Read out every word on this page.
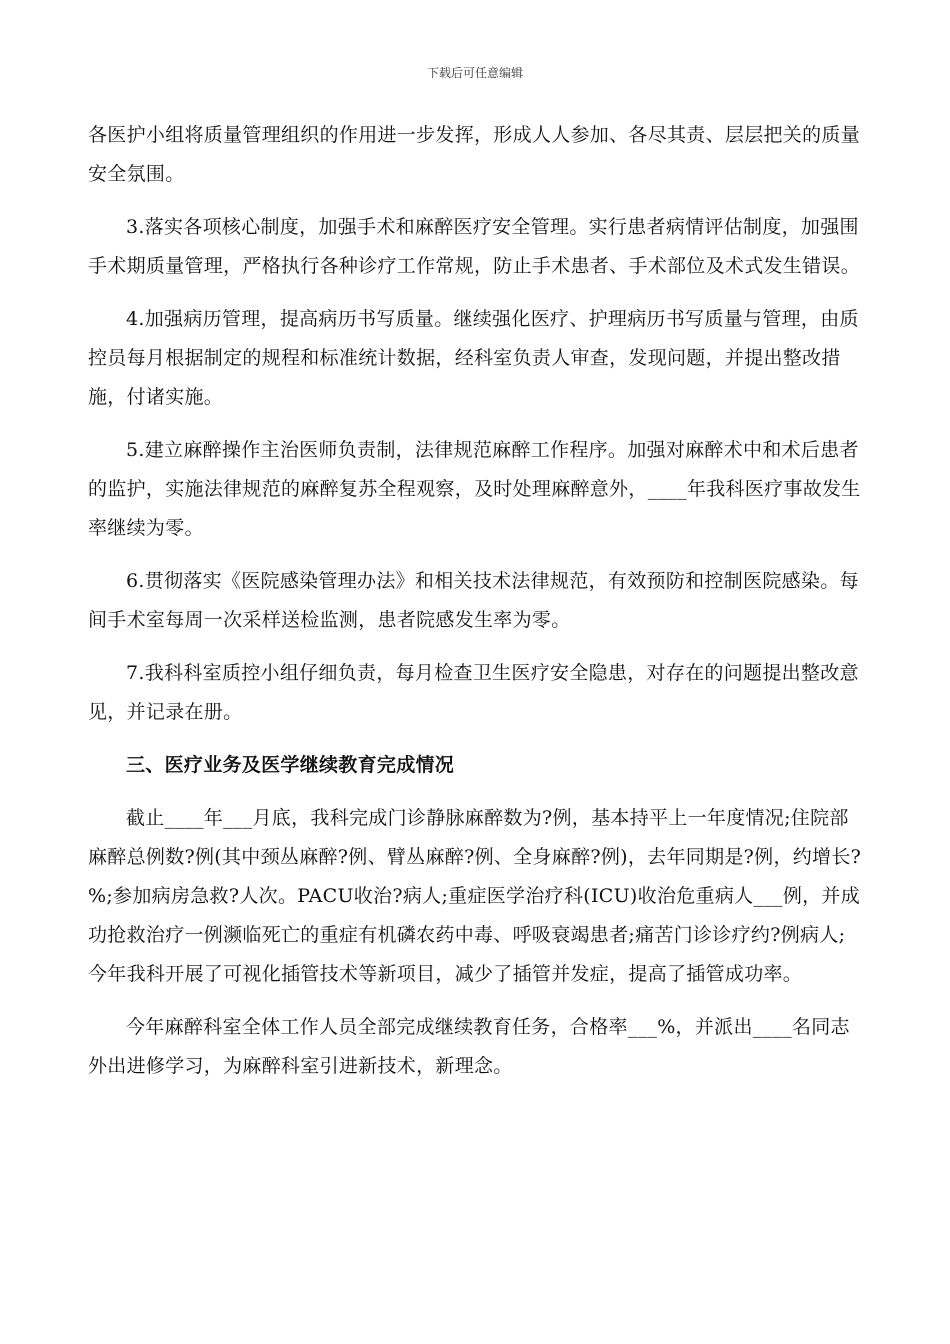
下载后可任意编辑

各医护小组将质量管理组织的作用进一步发挥，形成人人参加、各尽其责、层层把关的质量安全氛围。

3.落实各项核心制度，加强手术和麻醉医疗安全管理。实行患者病情评估制度，加强围手术期质量管理，严格执行各种诊疗工作常规，防止手术患者、手术部位及术式发生错误。

4.加强病历管理，提高病历书写质量。继续强化医疗、护理病历书写质量与管理，由质控员每月根据制定的规程和标准统计数据，经科室负责人审查，发现问题，并提出整改措施，付诸实施。

5.建立麻醉操作主治医师负责制，法律规范麻醉工作程序。加强对麻醉术中和术后患者的监护，实施法律规范的麻醉复苏全程观察，及时处理麻醉意外，____年我科医疗事故发生率继续为零。

6.贯彻落实《医院感染管理办法》和相关技术法律规范，有效预防和控制医院感染。每间手术室每周一次采样送检监测，患者院感发生率为零。

7.我科科室质控小组仔细负责，每月检查卫生医疗安全隐患，对存在的问题提出整改意见，并记录在册。

三、医疗业务及医学继续教育完成情况

截止____年___月底，我科完成门诊静脉麻醉数为?例，基本持平上一年度情况;住院部麻醉总例数?例(其中颈丛麻醉?例、臂丛麻醉?例、全身麻醉?例)，去年同期是?例，约增长?%;参加病房急救?人次。PACU收治?病人;重症医学治疗科(ICU)收治危重病人___例，并成功抢救治疗一例濒临死亡的重症有机磷农药中毒、呼吸衰竭患者;痛苦门诊诊疗约?例病人;今年我科开展了可视化插管技术等新项目，减少了插管并发症，提高了插管成功率。

今年麻醉科室全体工作人员全部完成继续教育任务，合格率___%，并派出____名同志外出进修学习，为麻醉科室引进新技术，新理念。
